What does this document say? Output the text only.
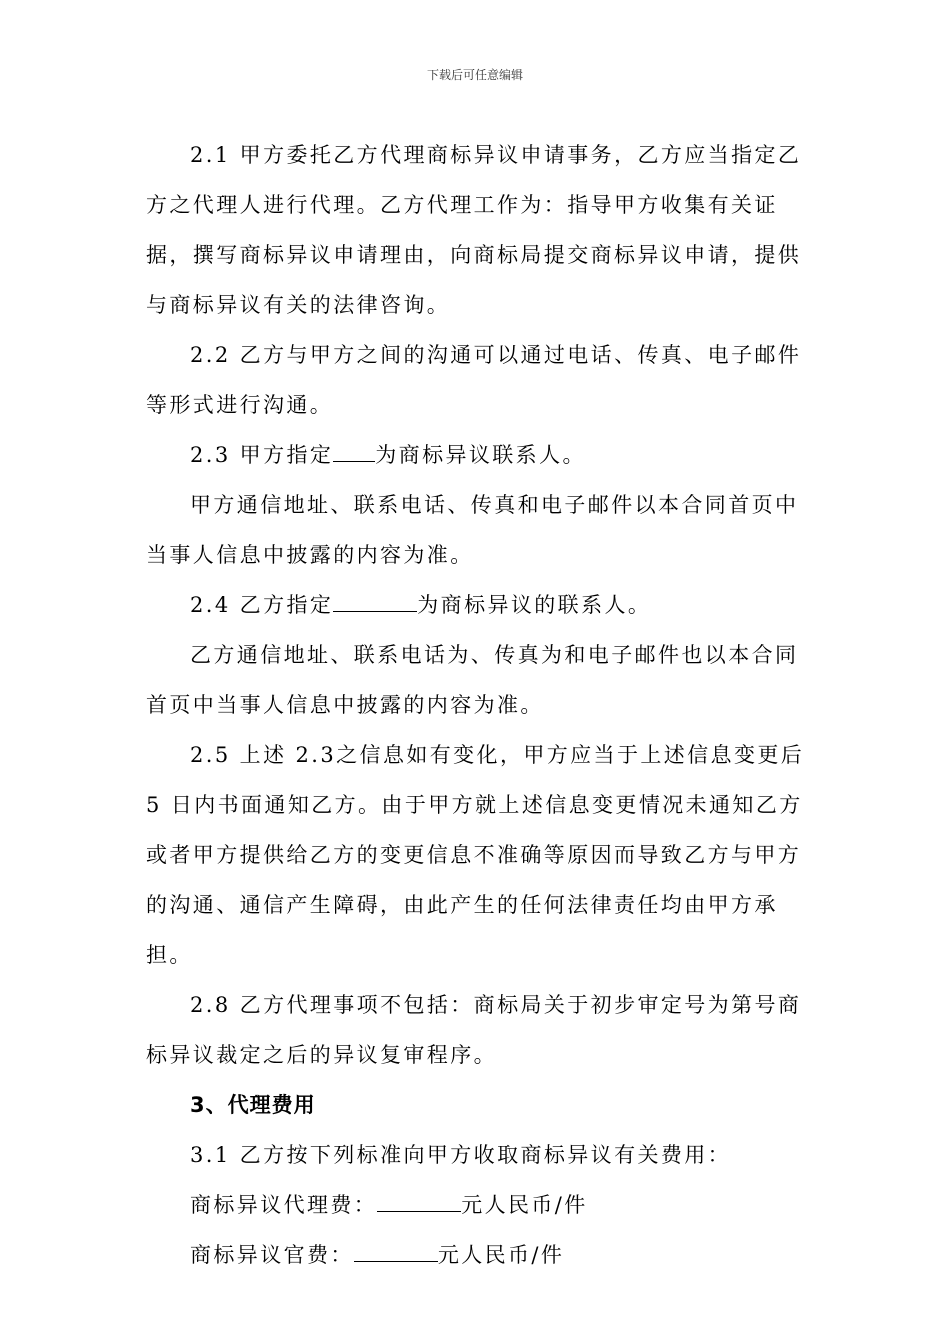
下载后可任意编辑

2.1 甲方委托乙方代理商标异议申请事务，乙方应当指定乙方之代理人进行代理。乙方代理工作为：指导甲方收集有关证据，撰写商标异议申请理由，向商标局提交商标异议申请，提供与商标异议有关的法律咨询。

2.2 乙方与甲方之间的沟通可以通过电话、传真、电子邮件等形式进行沟通。

2.3 甲方指定 为商标异议联系人。

甲方通信地址、联系电话、传真和电子邮件以本合同首页中当事人信息中披露的内容为准。

2.4 乙方指定	为商标异议的联系人。

乙方通信地址、联系电话为、传真为和电子邮件也以本合同首页中当事人信息中披露的内容为准。

2.5 上述 2.3之信息如有变化，甲方应当于上述信息变更后 5 日内书面通知乙方。由于甲方就上述信息变更情况未通知乙方或者甲方提供给乙方的变更信息不准确等原因而导致乙方与甲方的沟通、通信产生障碍，由此产生的任何法律责任均由甲方承担。

2.8 乙方代理事项不包括：商标局关于初步审定号为第号商标异议裁定之后的异议复审程序。

3、代理费用

3.1 乙方按下列标准向甲方收取商标异议有关费用：

商标异议代理费：	元人民币/件

商标异议官费：	元人民币/件
